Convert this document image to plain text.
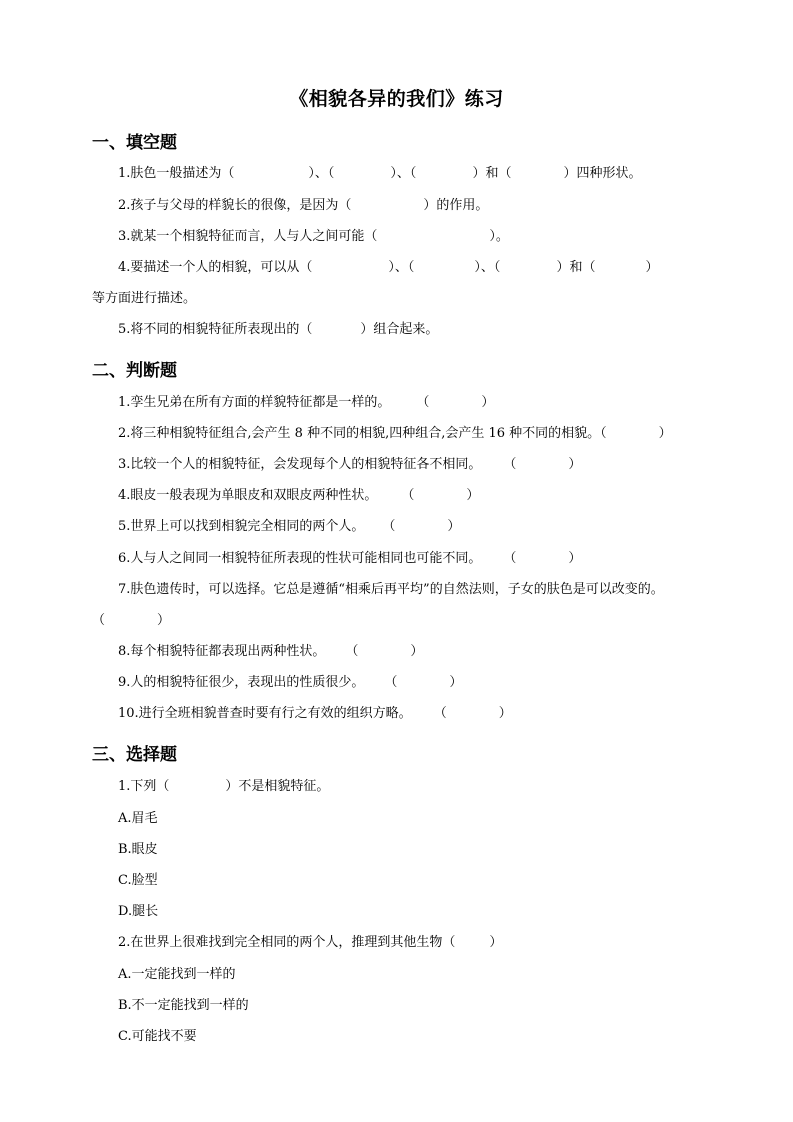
《相貌各异的我们》练习
一、填空题
1.肤色一般描述为（	）、（	）、（	）和（	）四种形状。
2.孩子与父母的样貌长的很像，是因为（	）的作用。
3.就某一个相貌特征而言，人与人之间可能（	）。
4.要描述一个人的相貌，可以从（	）、（	）、（	）和（	）
等方面进行描述。
5.将不同的相貌特征所表现出的（	）组合起来。
二、判断题
1.孪生兄弟在所有方面的样貌特征都是一样的。 （　　　　）
2.将三种相貌特征组合,会产生 8 种不同的相貌,四种组合,会产生 16 种不同的相貌。（　　　　）
3.比较一个人的相貌特征，会发现每个人的相貌特征各不相同。 （　　　　）
4.眼皮一般表现为单眼皮和双眼皮两种性状。 （　　　　）
5.世界上可以找到相貌完全相同的两个人。 （　　　　）
6.人与人之间同一相貌特征所表现的性状可能相同也可能不同。 （　　　　）
7.肤色遗传时，可以选择。它总是遵循“相乘后再平均”的自然法则，子女的肤色是可以改变的。
（　　　　）
8.每个相貌特征都表现出两种性状。 （　　　　）
9.人的相貌特征很少，表现出的性质很少。 （　　　　）
10.进行全班相貌普查时要有行之有效的组织方略。 （　　　　）
三、选择题
1.下列（	）不是相貌特征。
A.眉毛
B.眼皮
C.脸型
D.腿长
2.在世界上很难找到完全相同的两个人，推理到其他生物（	）
A.一定能找到一样的
B.不一定能找到一样的
C.可能找不要
